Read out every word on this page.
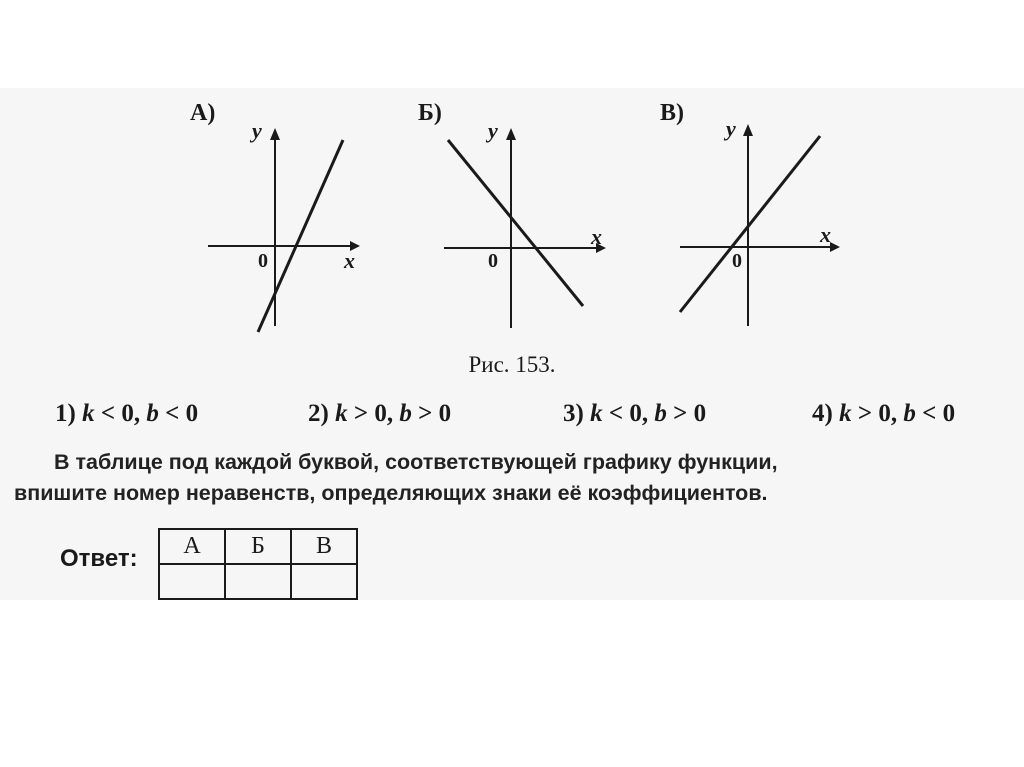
A)
x
y
0
Б)
x
y
0
В)
x
y
0
Рис. 153.
1) k < 0, b < 0	2) k > 0, b > 0	3) k < 0, b > 0	4) k > 0, b < 0
В таблице под каждой буквой, соответствующей графику функции,
впишите номер неравенств, определяющих знаки её коэффициентов.
Ответ: А	Б	В
